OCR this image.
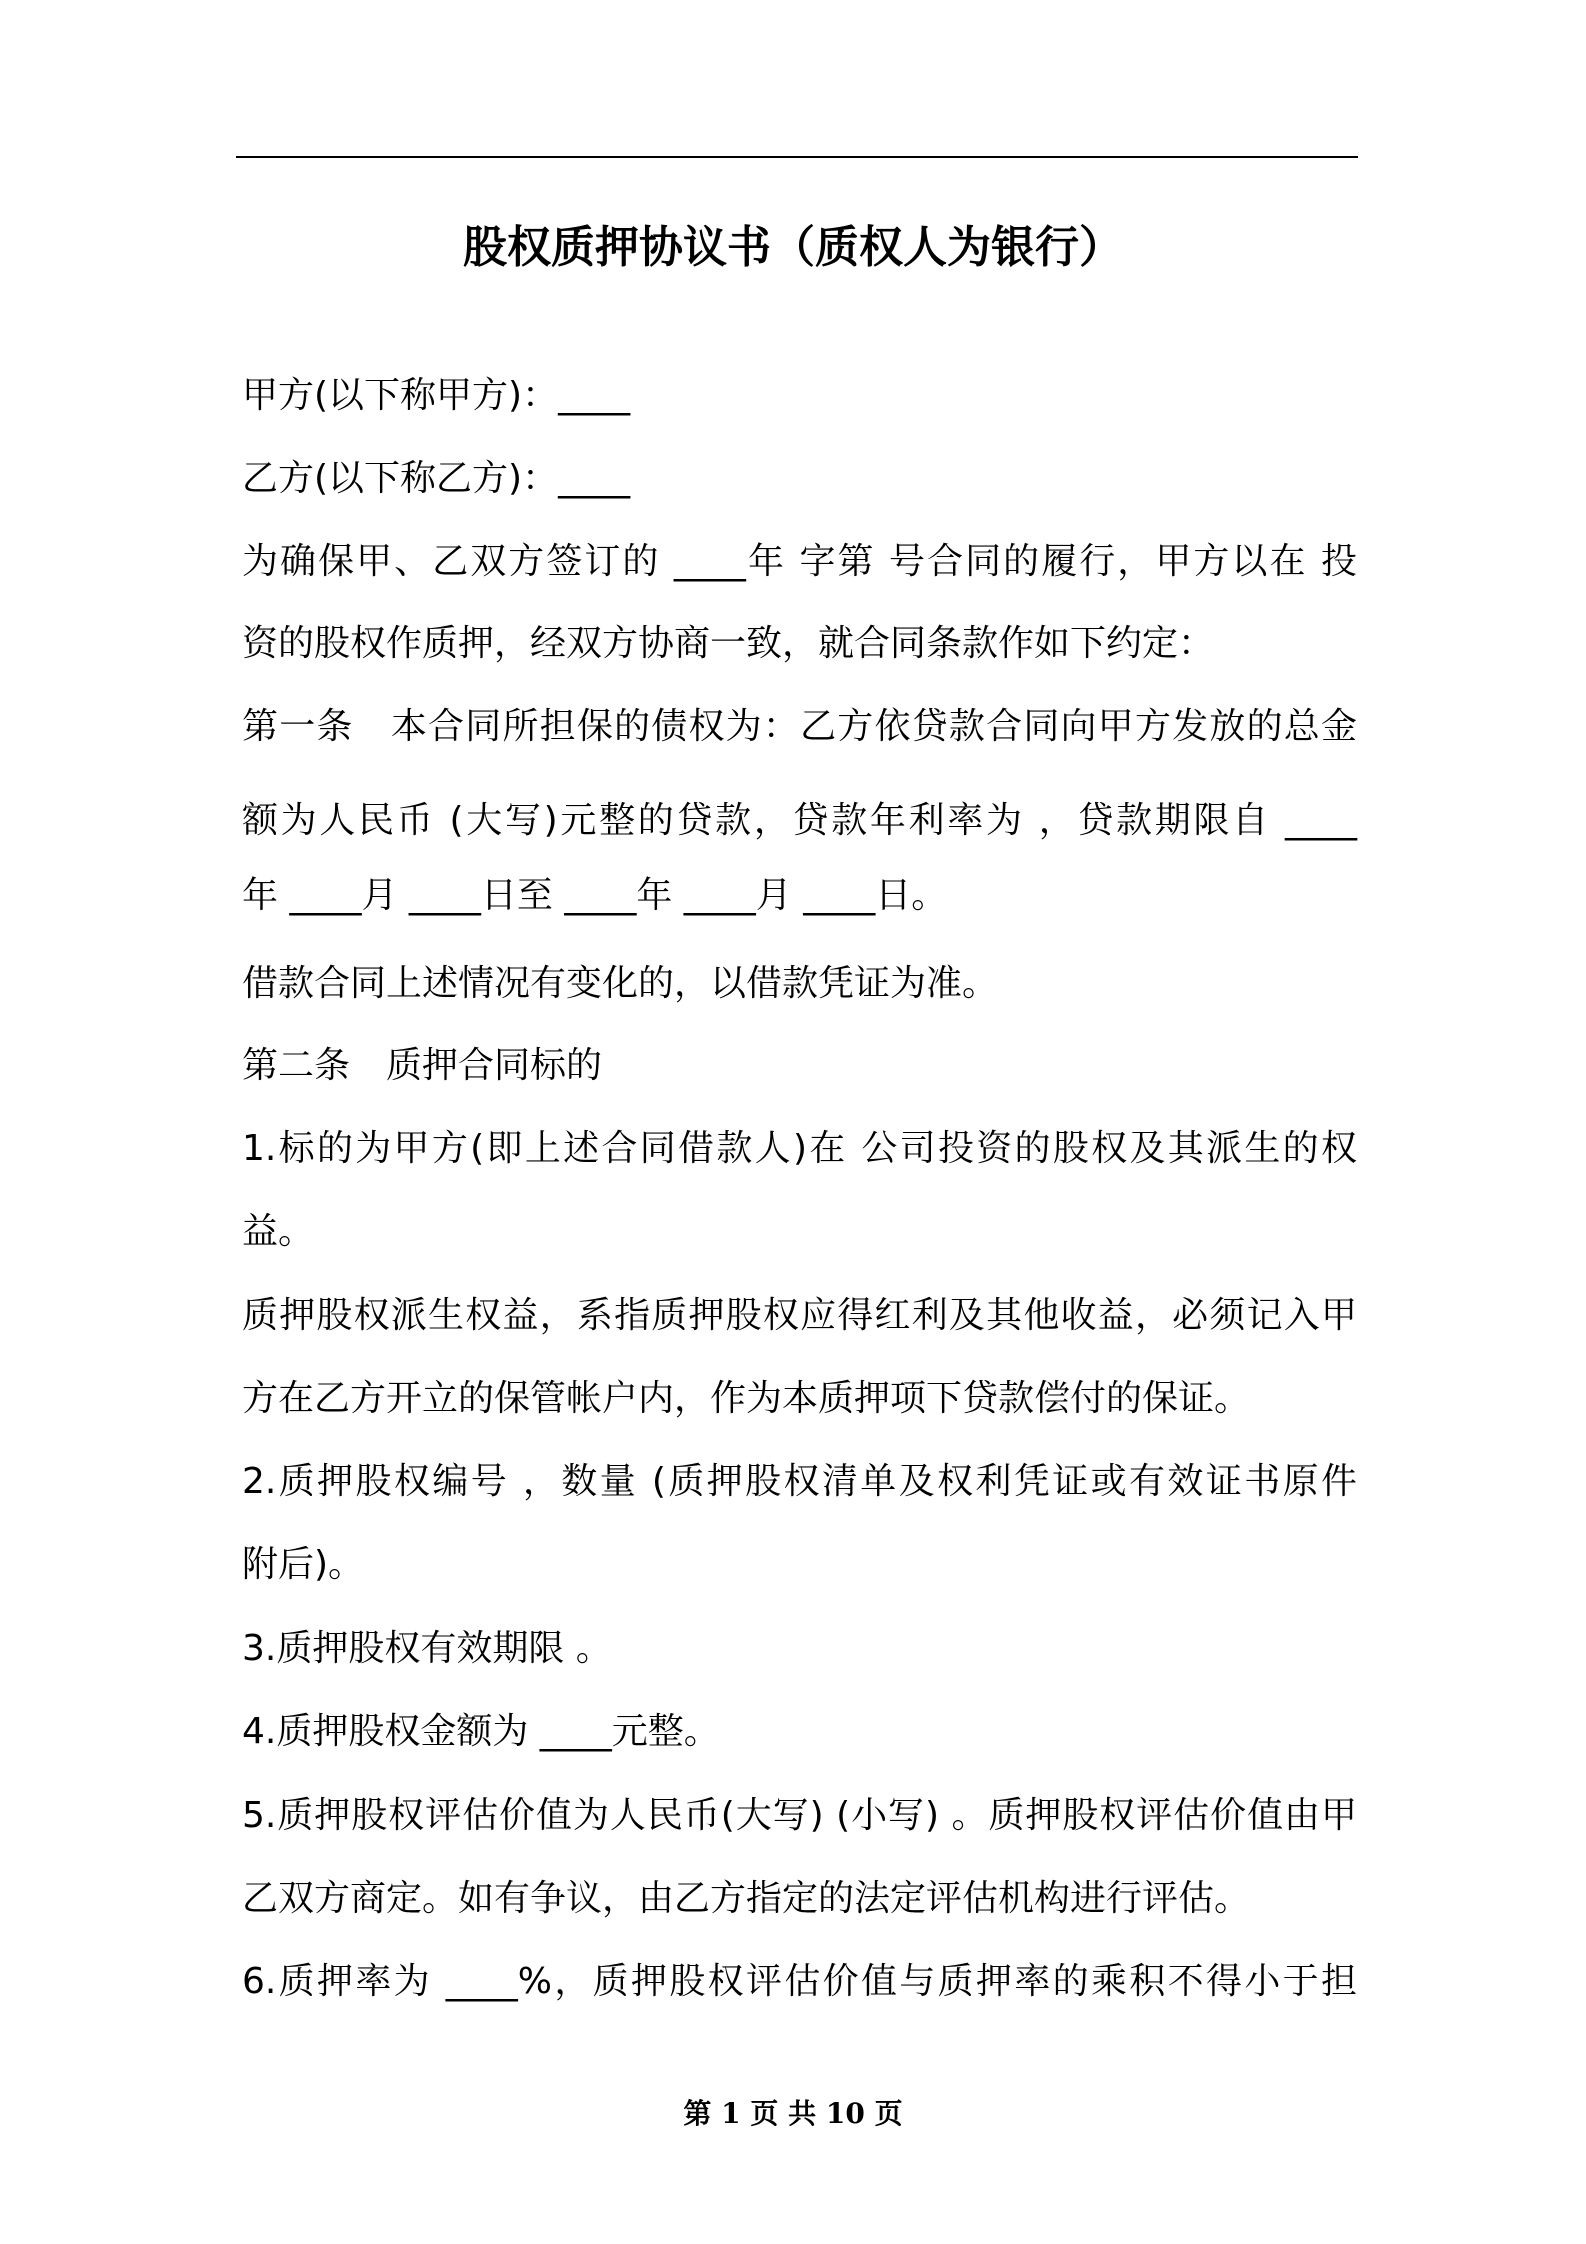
股权质押协议书（质权人为银行）
甲方(以下称甲方)：____
乙方(以下称乙方)：____
为确保甲、乙双方签订的 ____年 字第 号合同的履行，甲方以在 投
资的股权作质押，经双方协商一致，就合同条款作如下约定：
第一条　本合同所担保的债权为：乙方依贷款合同向甲方发放的总金
额为人民币 (大写)元整的贷款，贷款年利率为 ，贷款期限自 ____
年 ____月 ____日至 ____年 ____月 ____日。
借款合同上述情况有变化的，以借款凭证为准。
第二条　质押合同标的
1.标的为甲方(即上述合同借款人)在 公司投资的股权及其派生的权
益。
质押股权派生权益，系指质押股权应得红利及其他收益，必须记入甲
方在乙方开立的保管帐户内，作为本质押项下贷款偿付的保证。
2.质押股权编号 ，数量 (质押股权清单及权利凭证或有效证书原件
附后)。
3.质押股权有效期限 。
4.质押股权金额为 ____元整。
5.质押股权评估价值为人民币(大写) (小写) 。质押股权评估价值由甲
乙双方商定。如有争议，由乙方指定的法定评估机构进行评估。
6.质押率为 ____%，质押股权评估价值与质押率的乘积不得小于担
第 1 页 共 10 页
